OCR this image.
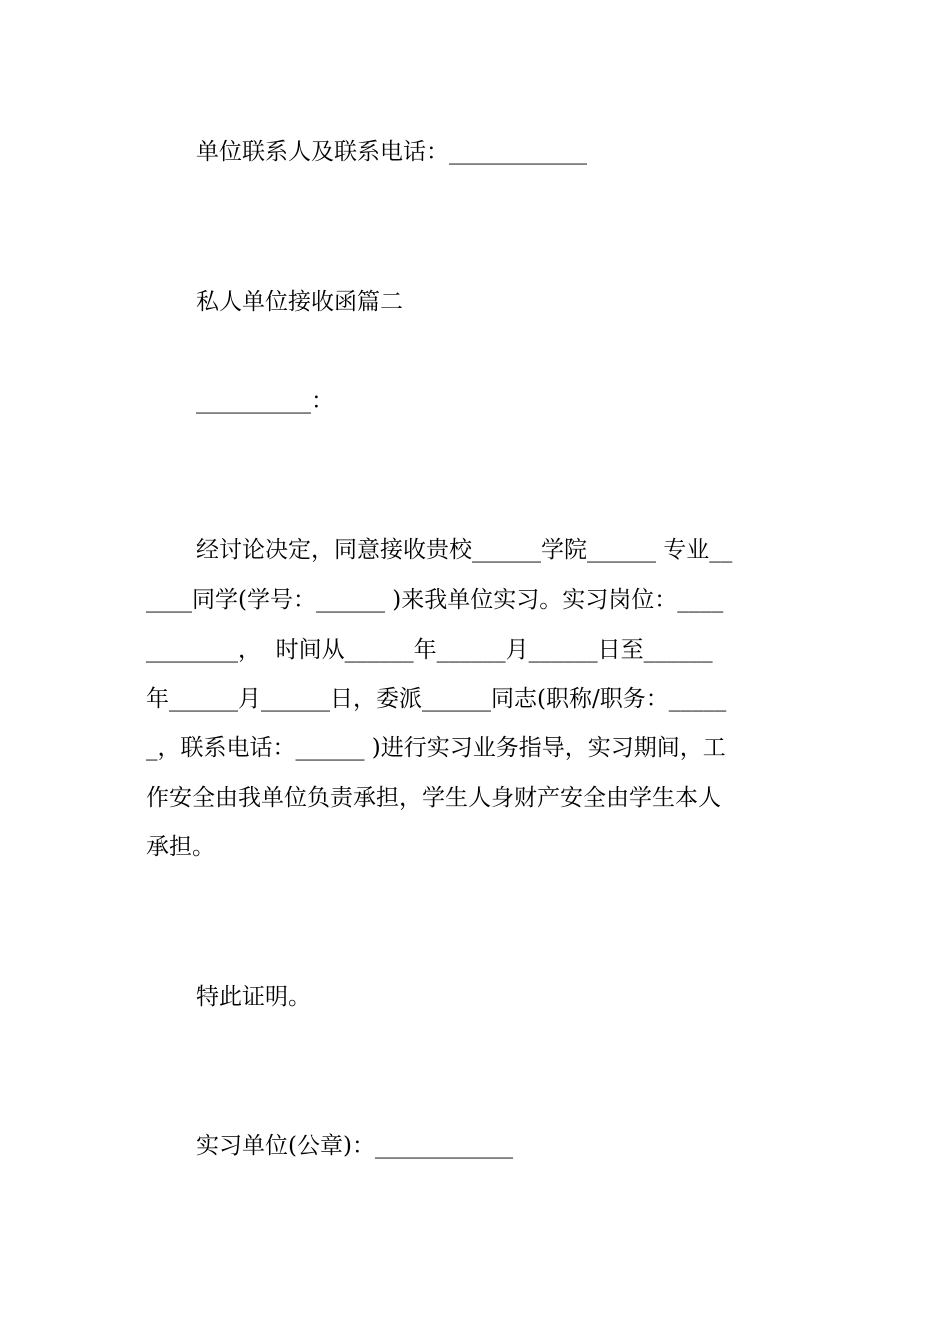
单位联系人及联系电话：____________
私人单位接收函篇二
__________：
经讨论决定，同意接收贵校______学院______ 专业__
____同学(学号：______ )来我单位实习。实习岗位：____
________，  时间从______年______月______日至______
年______月______日，委派______同志(职称/职务：_____
_，联系电话：______ )进行实习业务指导，实习期间，工
作安全由我单位负责承担，学生人身财产安全由学生本人
承担。
特此证明。
实习单位(公章)：____________
